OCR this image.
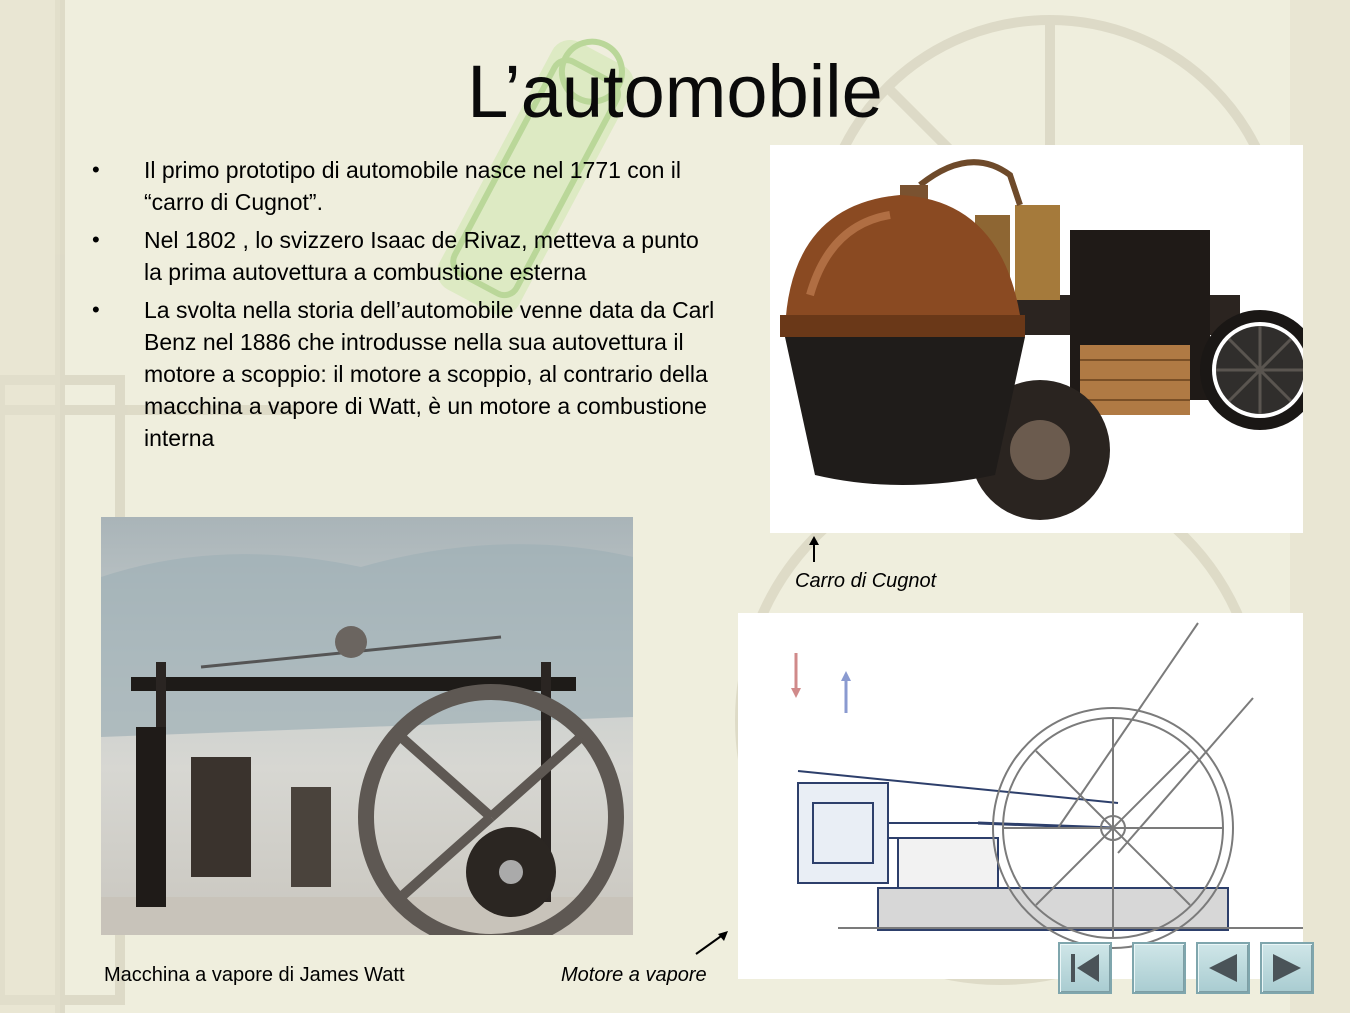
L’automobile
• Il primo prototipo di automobile nasce nel 1771 con il “carro di Cugnot”.
• Nel 1802 , lo svizzero Isaac de Rivaz, metteva a punto la prima autovettura a combustione esterna
• La svolta nella storia dell’automobile venne data da Carl Benz nel 1886 che introdusse nella sua autovettura il motore a scoppio: il motore a scoppio, al contrario della macchina a vapore di Watt, è un motore a combustione interna
Carro di Cugnot
Macchina a vapore di James Watt	Motore a vapore
